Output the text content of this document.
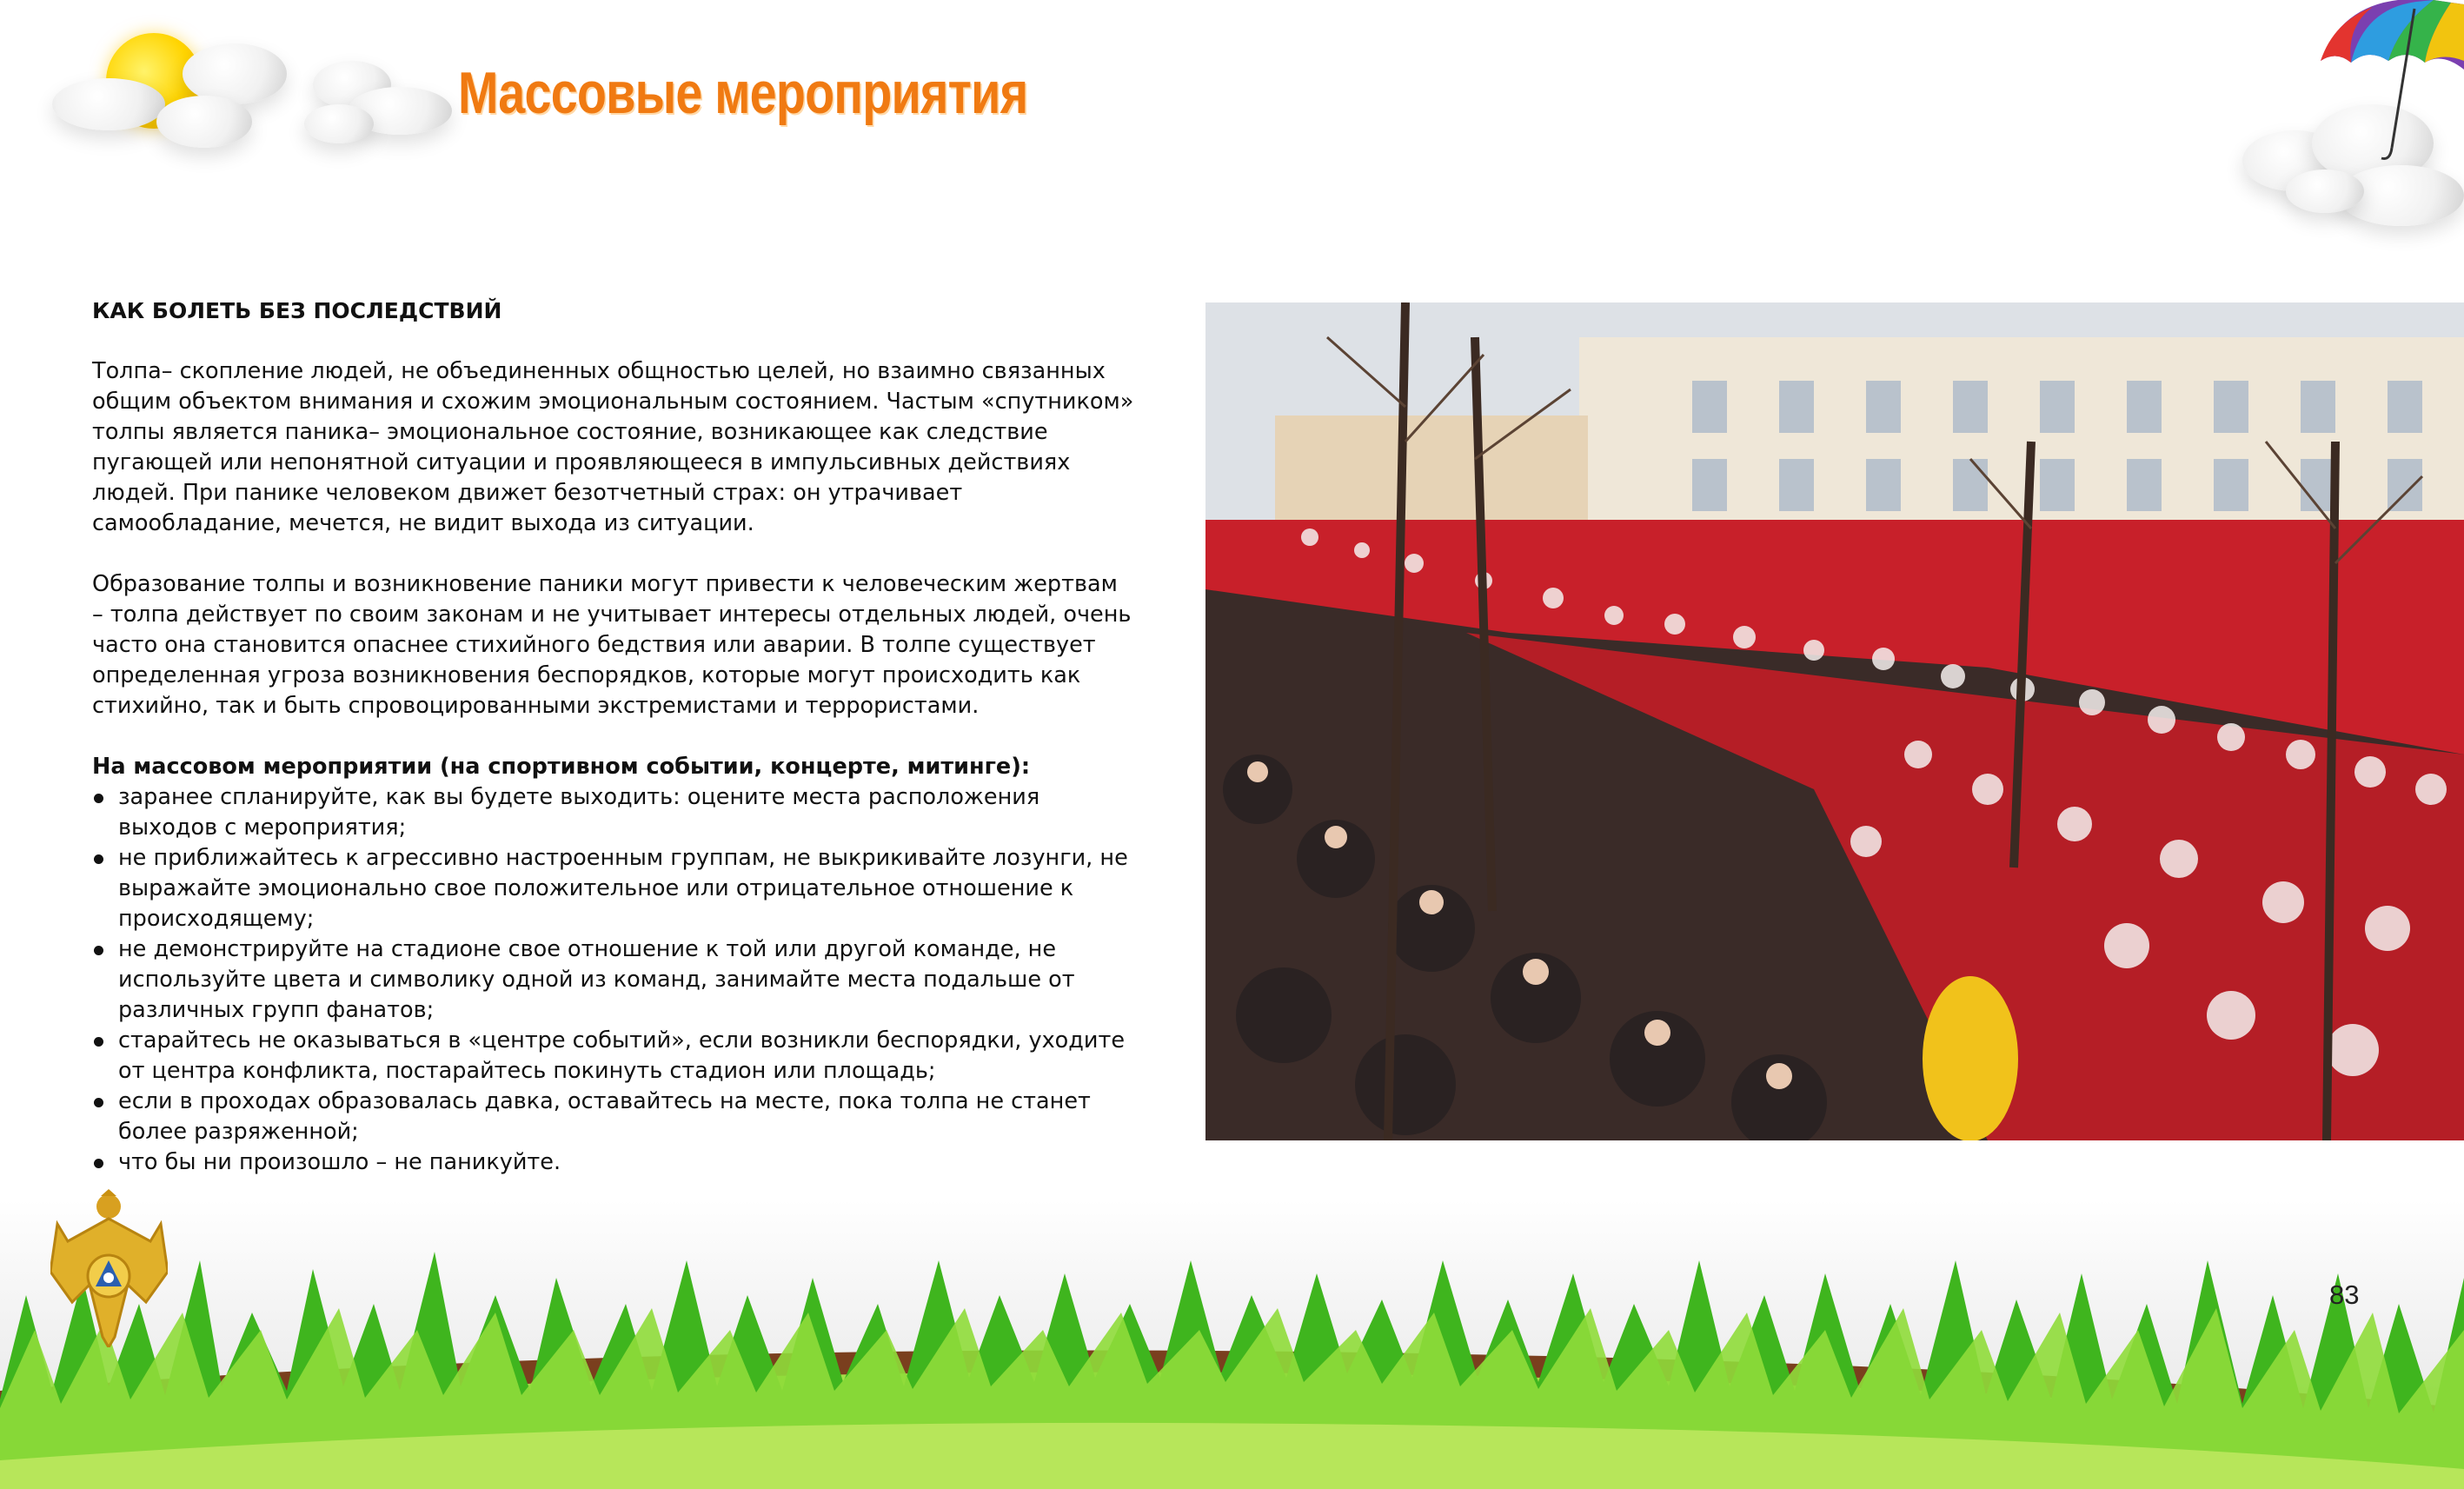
Массовые мероприятия
КАК БОЛЕТЬ БЕЗ ПОСЛЕДСТВИЙ

Толпа– скопление людей, не объединенных общностью целей, но взаимно связанных общим объектом внимания и схожим эмоциональным состоянием. Частым «спутником» толпы является паника– эмоциональное состояние, возникающее как следствие пугающей или непонятной ситуации и проявляющееся в импульсивных действиях людей. При панике человеком движет безотчетный страх: он утрачивает самообладание, мечется, не видит выхода из ситуации.

Образование толпы и возникновение паники могут привести к человеческим жертвам – толпа действует по своим законам и не учитывает интересы отдельных людей, очень часто она становится опаснее стихийного бедствия или аварии. В толпе существует определенная угроза возникновения беспорядков, которые могут происходить как стихийно, так и быть спровоцированными экстремистами и террористами.

На массовом мероприятии (на спортивном событии, концерте, митинге):

заранее спланируйте, как вы будете выходить: оцените места расположения выходов с мероприятия;
не приближайтесь к агрессивно настроенным группам, не выкрикивайте лозунги, не выражайте эмоционально свое положительное или отрицательное отношение к происходящему;
не демонстрируйте на стадионе свое отношение к той или другой команде, не используйте цвета и символику одной из команд, занимайте места подальше от различных групп фанатов;
старайтесь не оказываться в «центре событий», если возникли беспорядки, уходите от центра конфликта, постарайтесь покинуть стадион или площадь;
если в проходах образовалась давка, оставайтесь на месте, пока толпа не станет более разряженной;
что бы ни произошло – не паникуйте.
83
